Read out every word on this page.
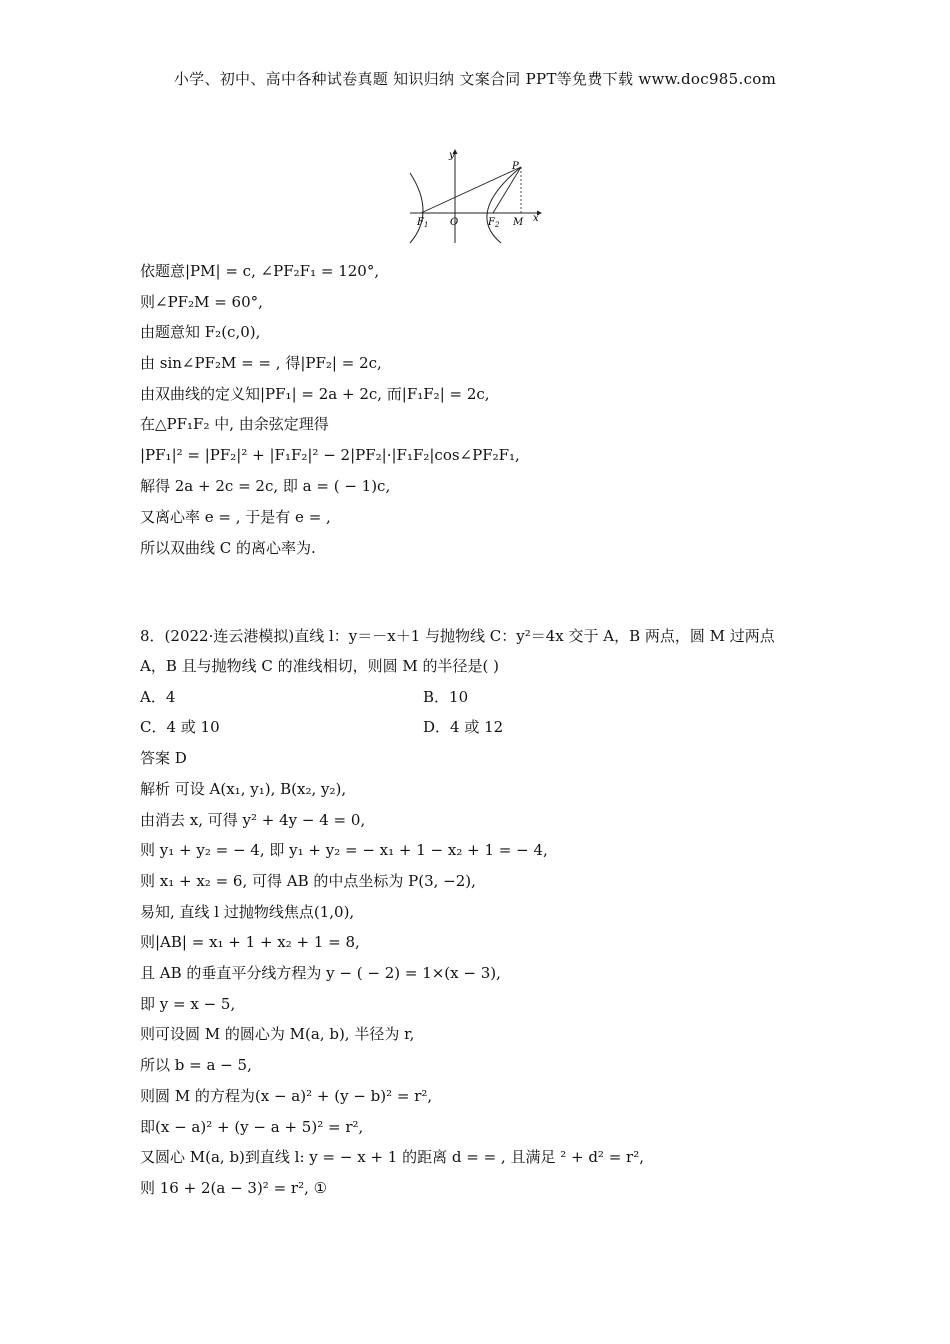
小学、初中、高中各种试卷真题 知识归纳 文案合同 PPT等免费下载 www.doc985.com
y
x
P
$F_1$ O	$F_2$ M
依题意|PM| = c, ∠PF₂F₁ = 120°,
则∠PF₂M = 60°,
由题意知 F₂(c,0),
由 sin∠PF₂M = = , 得|PF₂| = 2c,
由双曲线的定义知|PF₁| = 2a + 2c, 而|F₁F₂| = 2c,
在△PF₁F₂ 中, 由余弦定理得
|PF₁|² = |PF₂|² + |F₁F₂|² − 2|PF₂|·|F₁F₂|cos∠PF₂F₁,
解得 2a + 2c = 2c, 即 a = ( − 1)c,
又离心率 e = , 于是有 e = ,
所以双曲线 C 的离心率为.
8．(2022·连云港模拟)直线 l：y＝－x＋1 与抛物线 C：y²＝4x 交于 A，B 两点，圆 M 过两点
A，B 且与抛物线 C 的准线相切，则圆 M 的半径是( )
A．4	B．10
C．4 或 10	D．4 或 12
答案 D
解析 可设 A(x₁, y₁), B(x₂, y₂),
由消去 x, 可得 y² + 4y − 4 = 0,
则 y₁ + y₂ = − 4, 即 y₁ + y₂ = − x₁ + 1 − x₂ + 1 = − 4,
则 x₁ + x₂ = 6, 可得 AB 的中点坐标为 P(3, −2),
易知, 直线 l 过抛物线焦点(1,0),
则|AB| = x₁ + 1 + x₂ + 1 = 8,
且 AB 的垂直平分线方程为 y − ( − 2) = 1×(x − 3),
即 y = x − 5,
则可设圆 M 的圆心为 M(a, b), 半径为 r,
所以 b = a − 5,
则圆 M 的方程为(x − a)² + (y − b)² = r²,
即(x − a)² + (y − a + 5)² = r²,
又圆心 M(a, b)到直线 l: y = − x + 1 的距离 d = = , 且满足 ² + d² = r²,
则 16 + 2(a − 3)² = r², ①
